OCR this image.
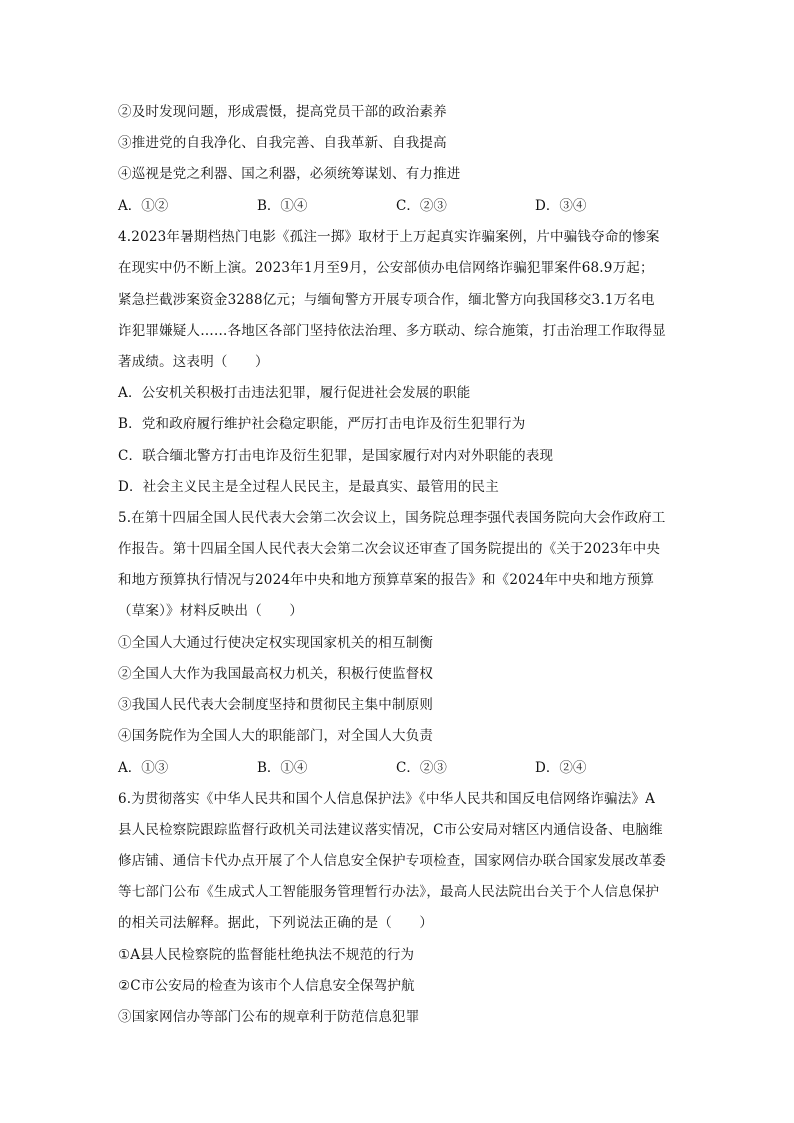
②及时发现问题，形成震慑，提高党员干部的政治素养
③推进党的自我净化、自我完善、自我革新、自我提高
④巡视是党之利器、国之利器，必须统筹谋划、有力推进
A．①②	B．①④	C．②③	D．③④
4.2023年暑期档热门电影《孤注一掷》取材于上万起真实诈骗案例，片中骗钱夺命的惨案
在现实中仍不断上演。2023年1月至9月，公安部侦办电信网络诈骗犯罪案件68.9万起；
紧急拦截涉案资金3288亿元；与缅甸警方开展专项合作，缅北警方向我国移交3.1万名电
诈犯罪嫌疑人……各地区各部门坚持依法治理、多方联动、综合施策，打击治理工作取得显
著成绩。这表明（　　）
A．公安机关积极打击违法犯罪，履行促进社会发展的职能
B．党和政府履行维护社会稳定职能，严厉打击电诈及衍生犯罪行为
C．联合缅北警方打击电诈及衍生犯罪，是国家履行对内对外职能的表现
D．社会主义民主是全过程人民民主，是最真实、最管用的民主
5.在第十四届全国人民代表大会第二次会议上，国务院总理李强代表国务院向大会作政府工
作报告。第十四届全国人民代表大会第二次会议还审查了国务院提出的《关于2023年中央
和地方预算执行情况与2024年中央和地方预算草案的报告》和《2024年中央和地方预算
（草案）》材料反映出（　　）
①全国人大通过行使决定权实现国家机关的相互制衡
②全国人大作为我国最高权力机关，积极行使监督权
③我国人民代表大会制度坚持和贯彻民主集中制原则
④国务院作为全国人大的职能部门，对全国人大负责
A．①③	B．①④	C．②③	D．②④
6.为贯彻落实《中华人民共和国个人信息保护法》《中华人民共和国反电信网络诈骗法》A
县人民检察院跟踪监督行政机关司法建议落实情况，C市公安局对辖区内通信设备、电脑维
修店铺、通信卡代办点开展了个人信息安全保护专项检查，国家网信办联合国家发展改革委
等七部门公布《生成式人工智能服务管理暂行办法》，最高人民法院出台关于个人信息保护
的相关司法解释。据此，下列说法正确的是（　　）
①A县人民检察院的监督能杜绝执法不规范的行为
②C市公安局的检查为该市个人信息安全保驾护航
③国家网信办等部门公布的规章利于防范信息犯罪
